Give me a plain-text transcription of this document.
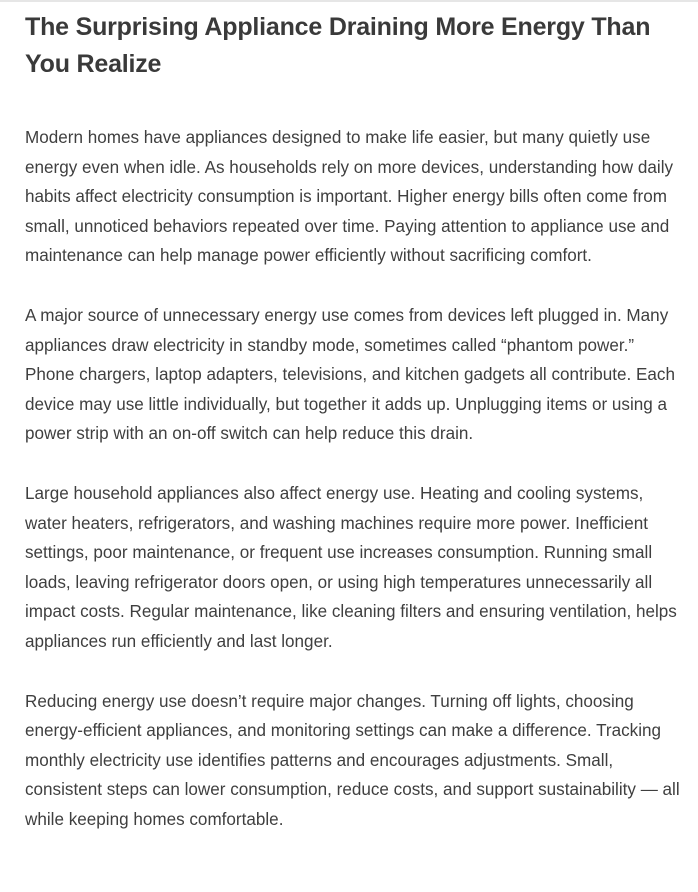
The Surprising Appliance Draining More Energy Than You Realize

Modern homes have appliances designed to make life easier, but many quietly use energy even when idle. As households rely on more devices, understanding how daily habits affect electricity consumption is important. Higher energy bills often come from small, unnoticed behaviors repeated over time. Paying attention to appliance use and maintenance can help manage power efficiently without sacrificing comfort.

A major source of unnecessary energy use comes from devices left plugged in. Many appliances draw electricity in standby mode, sometimes called “phantom power.” Phone chargers, laptop adapters, televisions, and kitchen gadgets all contribute. Each device may use little individually, but together it adds up. Unplugging items or using a power strip with an on-off switch can help reduce this drain.

Large household appliances also affect energy use. Heating and cooling systems, water heaters, refrigerators, and washing machines require more power. Inefficient settings, poor maintenance, or frequent use increases consumption. Running small loads, leaving refrigerator doors open, or using high temperatures unnecessarily all impact costs. Regular maintenance, like cleaning filters and ensuring ventilation, helps appliances run efficiently and last longer.

Reducing energy use doesn’t require major changes. Turning off lights, choosing energy-efficient appliances, and monitoring settings can make a difference. Tracking monthly electricity use identifies patterns and encourages adjustments. Small, consistent steps can lower consumption, reduce costs, and support sustainability — all while keeping homes comfortable.
